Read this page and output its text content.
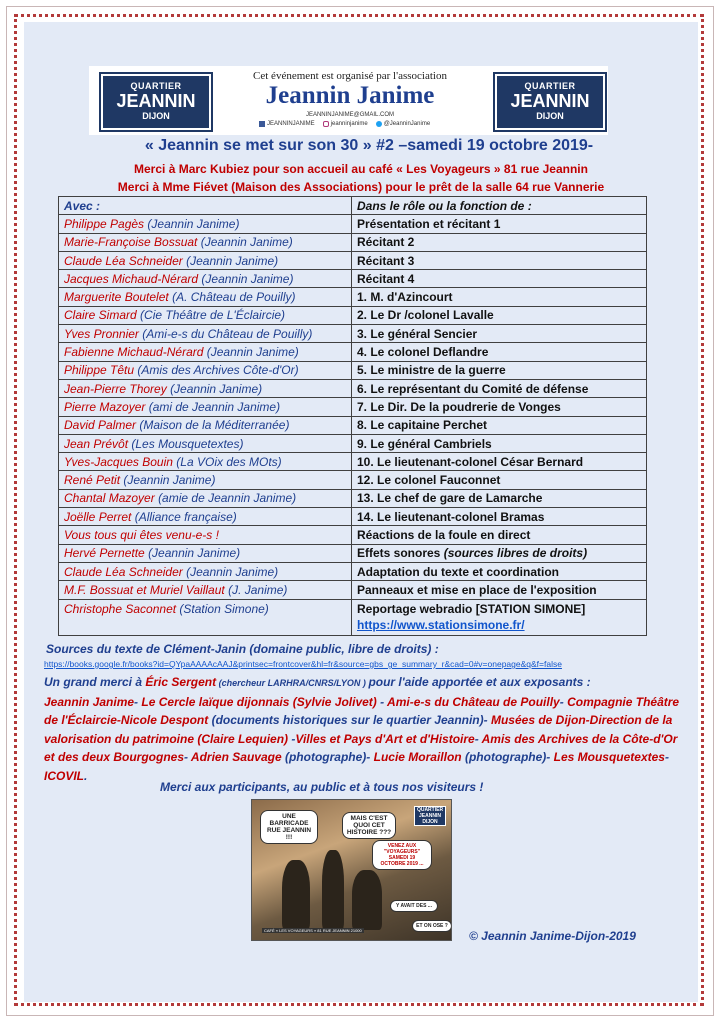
QUARTIER
JEANNIN
DIJON
Cet événement est organisé par l'association
Jeannin Janime
JEANNINJANIME@GMAIL.COM
JEANNINJANIME	jeanninjanime	@JeanninJanime
QUARTIER
JEANNIN
DIJON
« Jeannin se met sur son 30 » #2 –samedi 19 octobre 2019-
Merci à Marc Kubiez pour son accueil au café « Les Voyageurs » 81 rue Jeannin
Merci à Mme Fiévet (Maison des Associations) pour le prêt de la salle 64 rue Vannerie
Avec :	Dans le rôle ou la fonction de :
Philippe Pagès (Jeannin Janime)	Présentation et récitant 1
Marie-Françoise Bossuat (Jeannin Janime)	Récitant 2
Claude Léa Schneider (Jeannin Janime)	Récitant 3
Jacques Michaud-Nérard (Jeannin Janime)	Récitant 4
Marguerite Boutelet (A. Château de Pouilly)	1. M. d'Azincourt
Claire Simard (Cie Théâtre de L'Éclaircie)	2. Le Dr /colonel Lavalle
Yves Pronnier (Ami-e-s du Château de Pouilly)	3. Le général Sencier
Fabienne Michaud-Nérard (Jeannin Janime)	4. Le colonel Deflandre
Philippe Têtu (Amis des Archives Côte-d'Or)	5. Le ministre de la guerre
Jean-Pierre Thorey (Jeannin Janime)	6. Le représentant du Comité de défense
Pierre Mazoyer (ami de Jeannin Janime)	7. Le Dir. De la poudrerie de Vonges
David Palmer (Maison de la Méditerranée)	8. Le capitaine Perchet
Jean Prévôt (Les Mousquetextes)	9. Le général Cambriels
Yves-Jacques Bouin (La VOix des MOts)	10. Le lieutenant-colonel César Bernard
René Petit (Jeannin Janime)	12. Le colonel Fauconnet
Chantal Mazoyer (amie de Jeannin Janime)	13. Le chef de gare de Lamarche
Joëlle Perret (Alliance française)	14. Le lieutenant-colonel Bramas
Vous tous qui êtes venu-e-s !	Réactions de la foule en direct
Hervé Pernette (Jeannin Janime)	Effets sonores (sources libres de droits)
Claude Léa Schneider (Jeannin Janime)	Adaptation du texte et coordination
M.F. Bossuat et Muriel Vaillaut (J. Janime)	Panneaux et mise en place de l'exposition
Christophe Saconnet (Station Simone)	Reportage webradio [STATION SIMONE]
https://www.stationsimone.fr/
Sources du texte de Clément-Janin (domaine public, libre de droits) :
https://books.google.fr/books?id=QYpaAAAAcAAJ&printsec=frontcover&hl=fr&source=gbs_ge_summary_r&cad=0#v=onepage&q&f=false
Un grand merci à Éric Sergent (chercheur LARHRA/CNRS/LYON ) pour l'aide apportée et aux exposants :
Jeannin Janime- Le Cercle laïque dijonnais (Sylvie Jolivet) - Ami-e-s du Château de Pouilly- Compagnie Théâtre de l'Éclaircie-Nicole Despont (documents historiques sur le quartier Jeannin)- Musées de Dijon-Direction de la valorisation du patrimoine (Claire Lequien) -Villes et Pays d'Art et d'Histoire- Amis des Archives de la Côte-d'Or et des deux Bourgognes- Adrien Sauvage (photographe)- Lucie Moraillon (photographe)- Les Mousquetextes- ICOVIL.
Merci aux participants, au public et à tous nos visiteurs !
UNE BARRICADE RUE JEANNIN !!!
MAIS C'EST QUOI CET HISTOIRE ???
VENEZ AUX "VOYAGEURS" SAMEDI 19 OCTOBRE 2019 ...
Y AVAIT DES ...
ET ON OSE ?
QUARTIER JEANNIN DIJON
CAFÉ « LES VOYAGEURS » 81 RUE JEANNIN 21000	© Jeannin Janime-Dijon-2019
